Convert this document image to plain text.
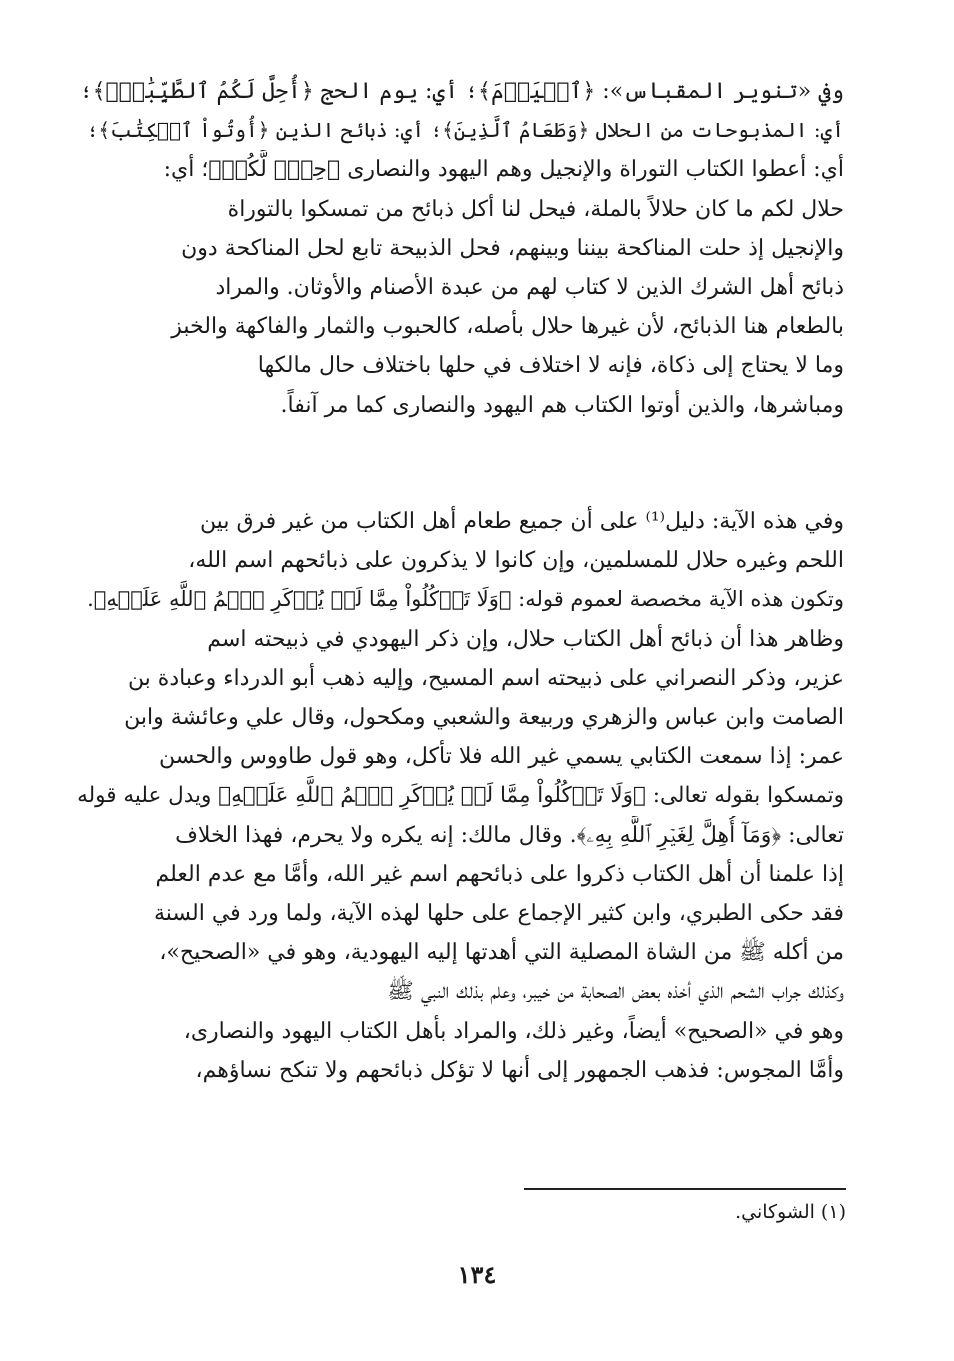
وفي «تنوير المقباس»: ﴿ٱلۡيَوۡمَ﴾؛ أي: يوم الحج ﴿أُحِلَّ لَكُمُ ٱلطَّيِّبَٰتُۖ﴾؛
أي: المذبوحات من الحلال ﴿وَطَعَامُ ٱلَّذِينَ﴾؛ أي: ذبائح الذين ﴿أُوتُواْ ٱلۡكِتَٰبَ﴾؛
أي: أعطوا الكتاب التوراة والإنجيل وهم اليهود والنصارى ﴿حِلّٞ لَّكُمۡ﴾؛ أي:
حلال لكم ما كان حلالاً بالملة، فيحل لنا أكل ذبائح من تمسكوا بالتوراة
والإنجيل إذ حلت المناكحة بيننا وبينهم، فحل الذبيحة تابع لحل المناكحة دون
ذبائح أهل الشرك الذين لا كتاب لهم من عبدة الأصنام والأوثان. والمراد
بالطعام هنا الذبائح، لأن غيرها حلال بأصله، كالحبوب والثمار والفاكهة والخبز
وما لا يحتاج إلى ذكاة، فإنه لا اختلاف في حلها باختلاف حال مالكها
ومباشرها، والذين أوتوا الكتاب هم اليهود والنصارى كما مر آنفاً.
وفي هذه الآية: دليل⁽¹⁾ على أن جميع طعام أهل الكتاب من غير فرق بين
اللحم وغيره حلال للمسلمين، وإن كانوا لا يذكرون على ذبائحهم اسم الله،
وتكون هذه الآية مخصصة لعموم قوله: ﴿وَلَا تَأۡكُلُواْ مِمَّا لَمۡ يُذۡكَرِ ٱسۡمُ ٱللَّهِ عَلَيۡهِ﴾.
وظاهر هذا أن ذبائح أهل الكتاب حلال، وإن ذكر اليهودي في ذبيحته اسم
عزير، وذكر النصراني على ذبيحته اسم المسيح، وإليه ذهب أبو الدرداء وعبادة بن
الصامت وابن عباس والزهري وربيعة والشعبي ومكحول، وقال علي وعائشة وابن
عمر: إذا سمعت الكتابي يسمي غير الله فلا تأكل، وهو قول طاووس والحسن
وتمسكوا بقوله تعالى: ﴿وَلَا تَأۡكُلُواْ مِمَّا لَمۡ يُذۡكَرِ ٱسۡمُ ٱللَّهِ عَلَيۡهِ﴾ ويدل عليه قوله
تعالى: ﴿وَمَآ أُهِلَّ لِغَيۡرِ ٱللَّهِ بِهِۦ﴾. وقال مالك: إنه يكره ولا يحرم، فهذا الخلاف
إذا علمنا أن أهل الكتاب ذكروا على ذبائحهم اسم غير الله، وأمَّا مع عدم العلم
فقد حكى الطبري، وابن كثير الإجماع على حلها لهذه الآية، ولما ورد في السنة
من أكله ﷺ من الشاة المصلية التي أهدتها إليه اليهودية، وهو في «الصحيح»،
وكذلك جراب الشحم الذي أخذه بعض الصحابة من خيبر، وعلم بذلك النبي ﷺ
وهو في «الصحيح» أيضاً، وغير ذلك، والمراد بأهل الكتاب اليهود والنصارى،
وأمَّا المجوس: فذهب الجمهور إلى أنها لا تؤكل ذبائحهم ولا تنكح نساؤهم،

(١) الشوكاني.

١٣٤
